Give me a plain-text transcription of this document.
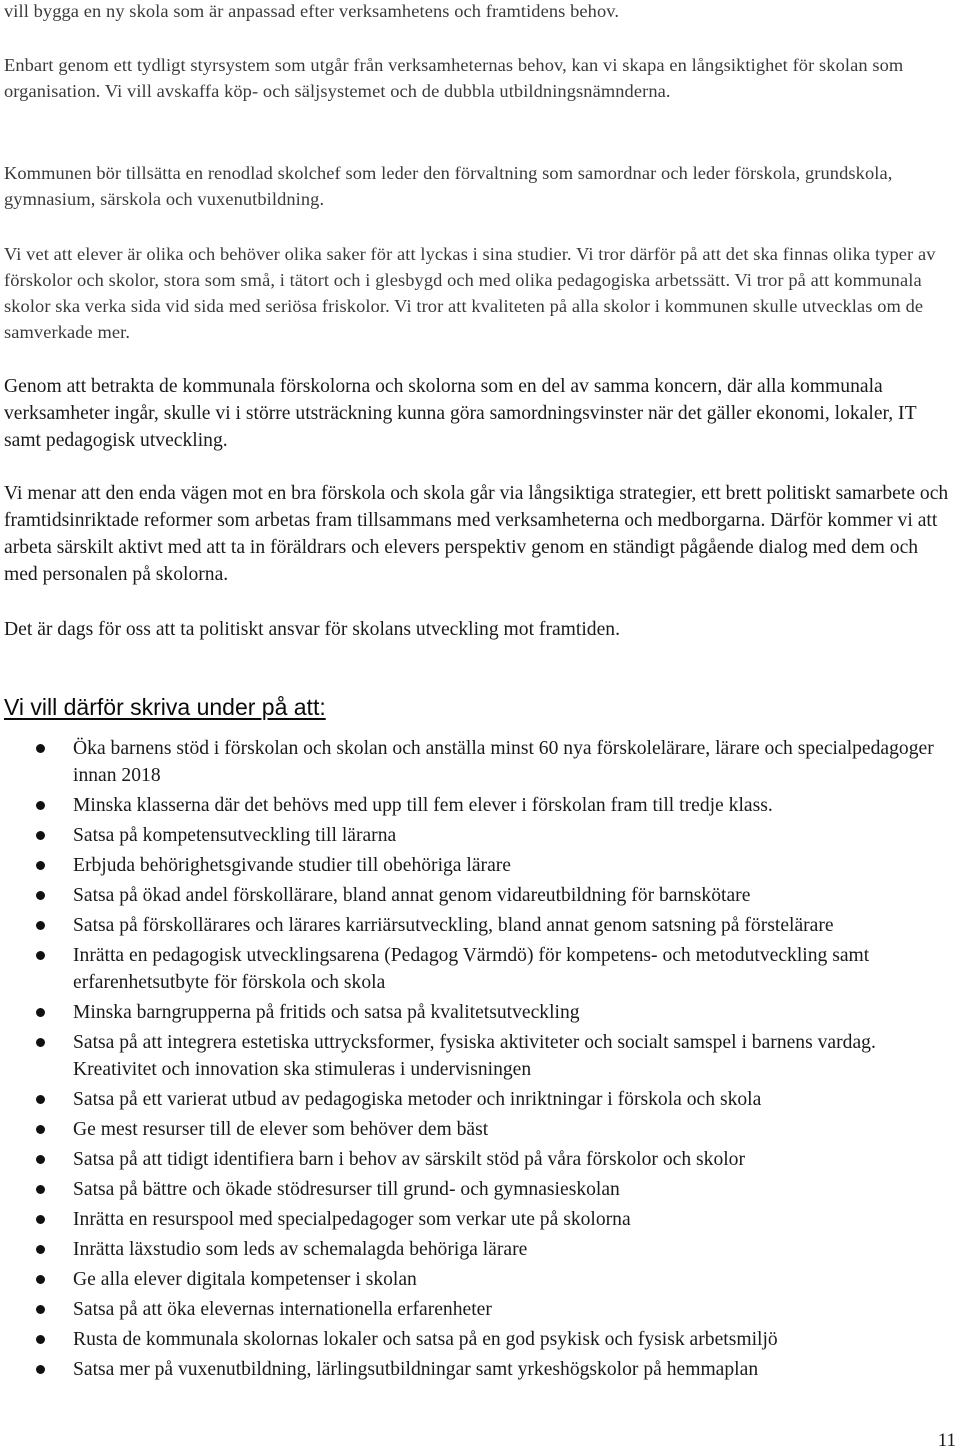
vill bygga en ny skola som är anpassad efter verksamhetens och framtidens behov.

Enbart genom ett tydligt styrsystem som utgår från verksamheternas behov, kan vi skapa en långsiktighet för skolan som organisation. Vi vill avskaffa köp- och säljsystemet och de dubbla utbildningsnämnderna.

Kommunen bör tillsätta en renodlad skolchef som leder den förvaltning som samordnar och leder förskola, grundskola, gymnasium, särskola och vuxenutbildning.

Vi vet att elever är olika och behöver olika saker för att lyckas i sina studier. Vi tror därför på att det ska finnas olika typer av förskolor och skolor, stora som små, i tätort och i glesbygd och med olika pedagogiska arbetssätt. Vi tror på att kommunala skolor ska verka sida vid sida med seriösa friskolor. Vi tror att kvaliteten på alla skolor i kommunen skulle utvecklas om de samverkade mer.

Genom att betrakta de kommunala förskolorna och skolorna som en del av samma koncern, där alla kommunala verksamheter ingår, skulle vi i större utsträckning kunna göra samordningsvinster när det gäller ekonomi, lokaler, IT samt pedagogisk utveckling.

Vi menar att den enda vägen mot en bra förskola och skola går via långsiktiga strategier, ett brett politiskt samarbete och framtidsinriktade reformer som arbetas fram tillsammans med verksamheterna och medborgarna. Därför kommer vi att arbeta särskilt aktivt med att ta in föräldrars och elevers perspektiv genom en ständigt pågående dialog med dem och med personalen på skolorna.

Det är dags för oss att ta politiskt ansvar för skolans utveckling mot framtiden.

Vi vill därför skriva under på att:
Öka barnens stöd i förskolan och skolan och anställa minst 60 nya förskolelärare, lärare och specialpedagoger innan 2018
Minska klasserna där det behövs med upp till fem elever i förskolan fram till tredje klass.
Satsa på kompetensutveckling till lärarna
Erbjuda behörighetsgivande studier till obehöriga lärare
Satsa på ökad andel förskollärare, bland annat genom vidareutbildning för barnskötare
Satsa på förskollärares och lärares karriärsutveckling, bland annat genom satsning på förstelärare
Inrätta en pedagogisk utvecklingsarena (Pedagog Värmdö) för kompetens- och metodutveckling samt erfarenhetsutbyte för förskola och skola
Minska barngrupperna på fritids och satsa på kvalitetsutveckling
Satsa på att integrera estetiska uttrycksformer, fysiska aktiviteter och socialt samspel i barnens vardag. Kreativitet och innovation ska stimuleras i undervisningen
Satsa på ett varierat utbud av pedagogiska metoder och inriktningar i förskola och skola
Ge mest resurser till de elever som behöver dem bäst
Satsa på att tidigt identifiera barn i behov av särskilt stöd på våra förskolor och skolor
Satsa på bättre och ökade stödresurser till grund- och gymnasieskolan
Inrätta en resurspool med specialpedagoger som verkar ute på skolorna
Inrätta läxstudio som leds av schemalagda behöriga lärare
Ge alla elever digitala kompetenser i skolan
Satsa på att öka elevernas internationella erfarenheter
Rusta de kommunala skolornas lokaler och satsa på en god psykisk och fysisk arbetsmiljö
Satsa mer på vuxenutbildning, lärlingsutbildningar samt yrkeshögskolor på hemmaplan
11
